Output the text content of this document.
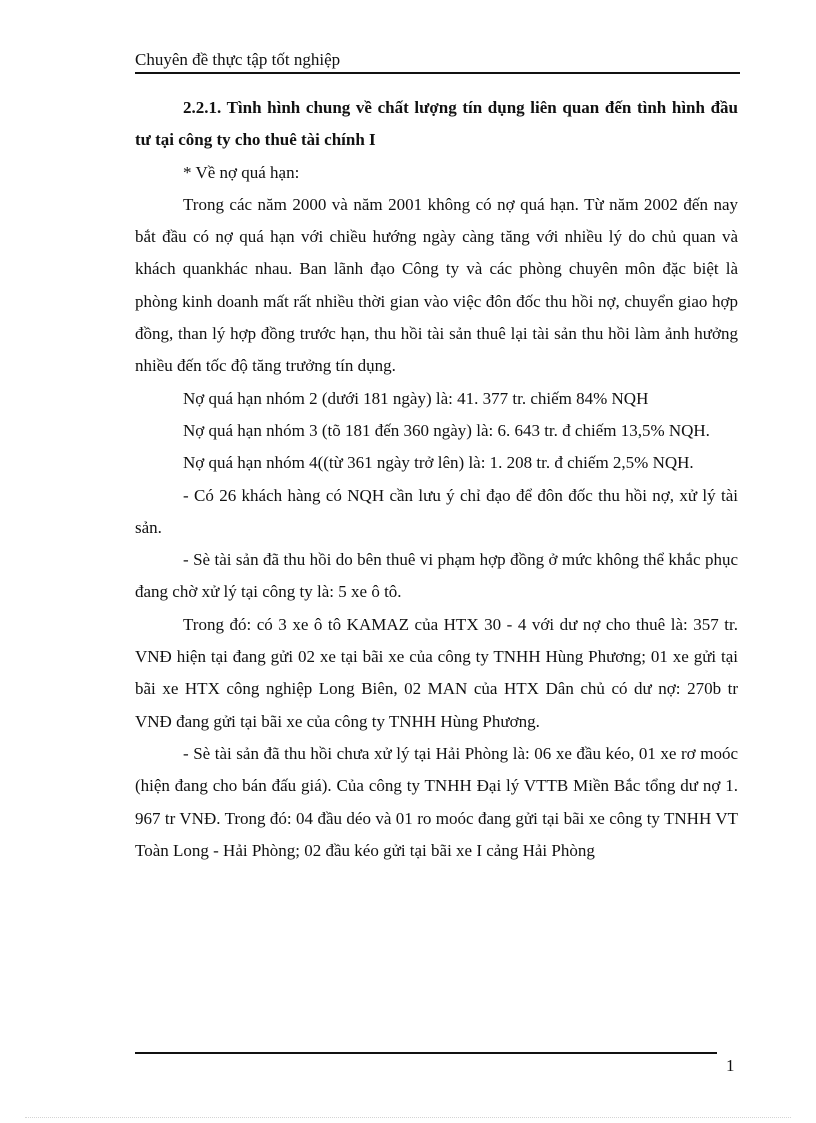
Chuyên đề thực tập tốt nghiệp

2.2.1. Tình hình chung về chất lượng tín dụng liên quan đến tình hình đầu tư tại công ty cho thuê tài chính I

* Về nợ quá hạn:

Trong các năm 2000 và năm 2001 không có nợ quá hạn. Từ năm 2002 đến nay bắt đầu có nợ quá hạn với chiều hướng ngày càng tăng với nhiều lý do chủ quan và khách quankhác nhau. Ban lãnh đạo Công ty và các phòng chuyên môn đặc biệt là phòng kinh doanh mất rất nhiều thời gian vào việc đôn đốc thu hồi nợ, chuyển giao hợp đồng, than lý hợp đồng trước hạn, thu hồi tài sản thuê lại tài sản thu hồi làm ảnh hưởng nhiều đến tốc độ tăng trưởng tín dụng.

Nợ quá hạn nhóm 2 (dưới 181 ngày) là: 41. 377 tr. chiếm 84% NQH

Nợ quá hạn nhóm 3 (tõ 181 đến 360 ngày) là: 6. 643 tr. đ chiếm 13,5% NQH.

Nợ quá hạn nhóm 4((từ 361 ngày trở lên) là: 1. 208 tr. đ chiếm 2,5% NQH.

- Có 26 khách hàng có NQH cần lưu ý chỉ đạo để đôn đốc thu hồi nợ, xử lý tài sản.

- Sè tài sản đã thu hồi do bên thuê vi phạm hợp đồng ở mức không thể khắc phục đang chờ xử lý tại công ty là: 5 xe ô tô.

Trong đó: có 3 xe ô tô KAMAZ của HTX 30 - 4 với dư nợ cho thuê là: 357 tr. VNĐ hiện tại đang gửi 02 xe tại bãi xe của công ty TNHH Hùng Phương; 01 xe gửi tại bãi xe HTX công nghiệp Long Biên, 02 MAN của HTX Dân chủ có dư nợ: 270b tr VNĐ đang gửi tại bãi xe của công ty TNHH Hùng Phương.

- Sè tài sản đã thu hồi chưa xử lý tại Hải Phòng là: 06 xe đầu kéo, 01 xe rơ moóc (hiện đang cho bán đấu giá). Của công ty TNHH Đại lý VTTB Miền Bắc tổng dư nợ 1. 967 tr VNĐ. Trong đó: 04 đầu déo và 01 ro moóc đang gửi tại bãi xe công ty TNHH VT Toàn Long - Hải Phòng; 02 đầu kéo gửi tại bãi xe I cảng Hải Phòng

1
